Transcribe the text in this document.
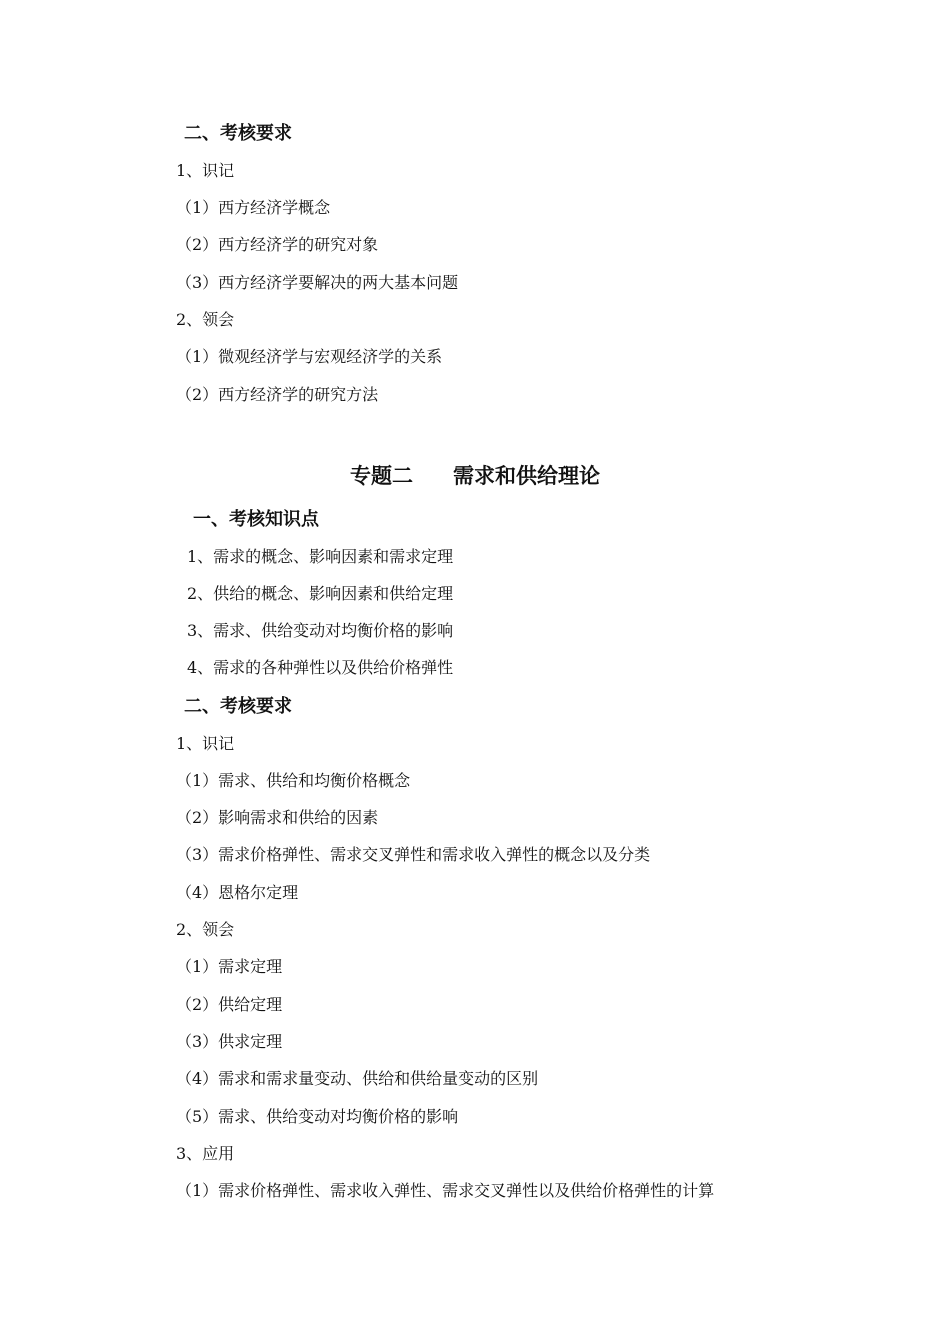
二、考核要求
1、识记
（1）西方经济学概念
（2）西方经济学的研究对象
（3）西方经济学要解决的两大基本问题
2、领会
（1）微观经济学与宏观经济学的关系
（2）西方经济学的研究方法
专题二 需求和供给理论
一、考核知识点
1、需求的概念、影响因素和需求定理
2、供给的概念、影响因素和供给定理
3、需求、供给变动对均衡价格的影响
4、需求的各种弹性以及供给价格弹性
二、考核要求
1、识记
（1）需求、供给和均衡价格概念
（2）影响需求和供给的因素
（3）需求价格弹性、需求交叉弹性和需求收入弹性的概念以及分类
（4）恩格尔定理
2、领会
（1）需求定理
（2）供给定理
（3）供求定理
（4）需求和需求量变动、供给和供给量变动的区别
（5）需求、供给变动对均衡价格的影响
3、应用
（1）需求价格弹性、需求收入弹性、需求交叉弹性以及供给价格弹性的计算
